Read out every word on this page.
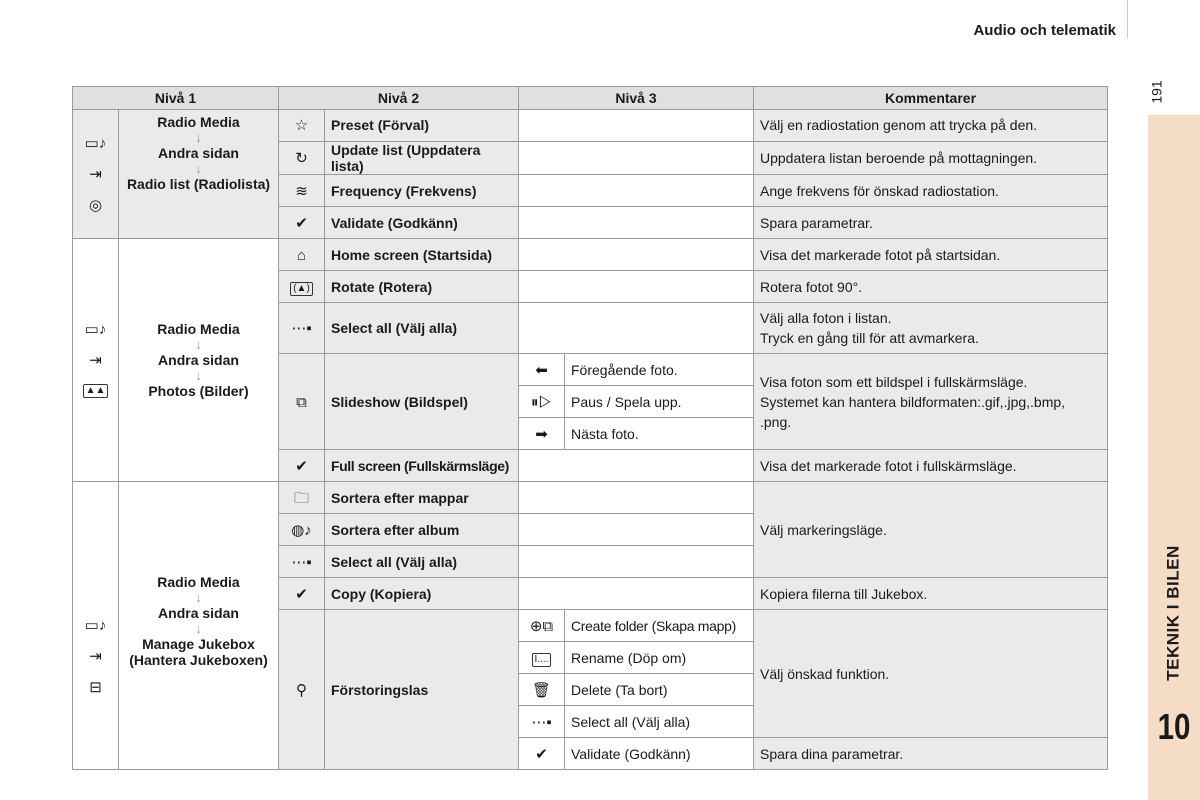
Audio och telematik
191
TEKNIK I BILEN
10
Nivå 1		Nivå 2		Nivå 3		Kommentarer

▭♪
⇥
◎	Radio Media
↓
Andra sidan
↓
Radio list (Radiolista)	☆	Preset (Förval)			Välj en radiostation genom att trycka på den.
		↻	Update list (Uppdatera lista)			Uppdatera listan beroende på mottagningen.
		≋	Frequency (Frekvens)			Ange frekvens för önskad radiostation.
		✔	Validate (Godkänn)			Spara parametrar.

▭♪
⇥
▲▲	Radio Media
↓
Andra sidan
↓
Photos (Bilder)	⌂	Home screen (Startsida)			Visa det markerade fotot på startsidan.
		(▲)	Rotate (Rotera)			Rotera fotot 90°.
		⋯▪	Select all (Välj alla)			Välj alla foton i listan.
Tryck en gång till för att avmarkera.

		⧉	Slideshow (Bildspel)	⬅	Föregående foto.	Visa foton som ett bildspel i fullskärmsläge.
Systemet kan hantera bildformaten:.gif,.jpg,.bmp,
.png.

				⏸▷	Paus / Spela upp.	
				➡	Nästa foto.	
		✔	Full screen (Fullskärmsläge)			Visa det markerade fotot i fullskärmsläge.

▭♪
⇥
⊟	Radio Media
↓
Andra sidan
↓
Manage Jukebox (Hantera Jukeboxen)	🗀	Sortera efter mappar			Välj markeringsläge.
		◍♪	Sortera efter album			
		⋯▪	Select all (Välj alla)			
		✔	Copy (Kopiera)			Kopiera filerna till Jukebox.
		⚲	Förstoringslas	⊕⧉	Create folder (Skapa mapp)	Välj önskad funktion.
				I....	Rename (Döp om)	
				🗑	Delete (Ta bort)	
				⋯▪	Select all (Välj alla)	
				✔	Validate (Godkänn)	Spara dina parametrar.
